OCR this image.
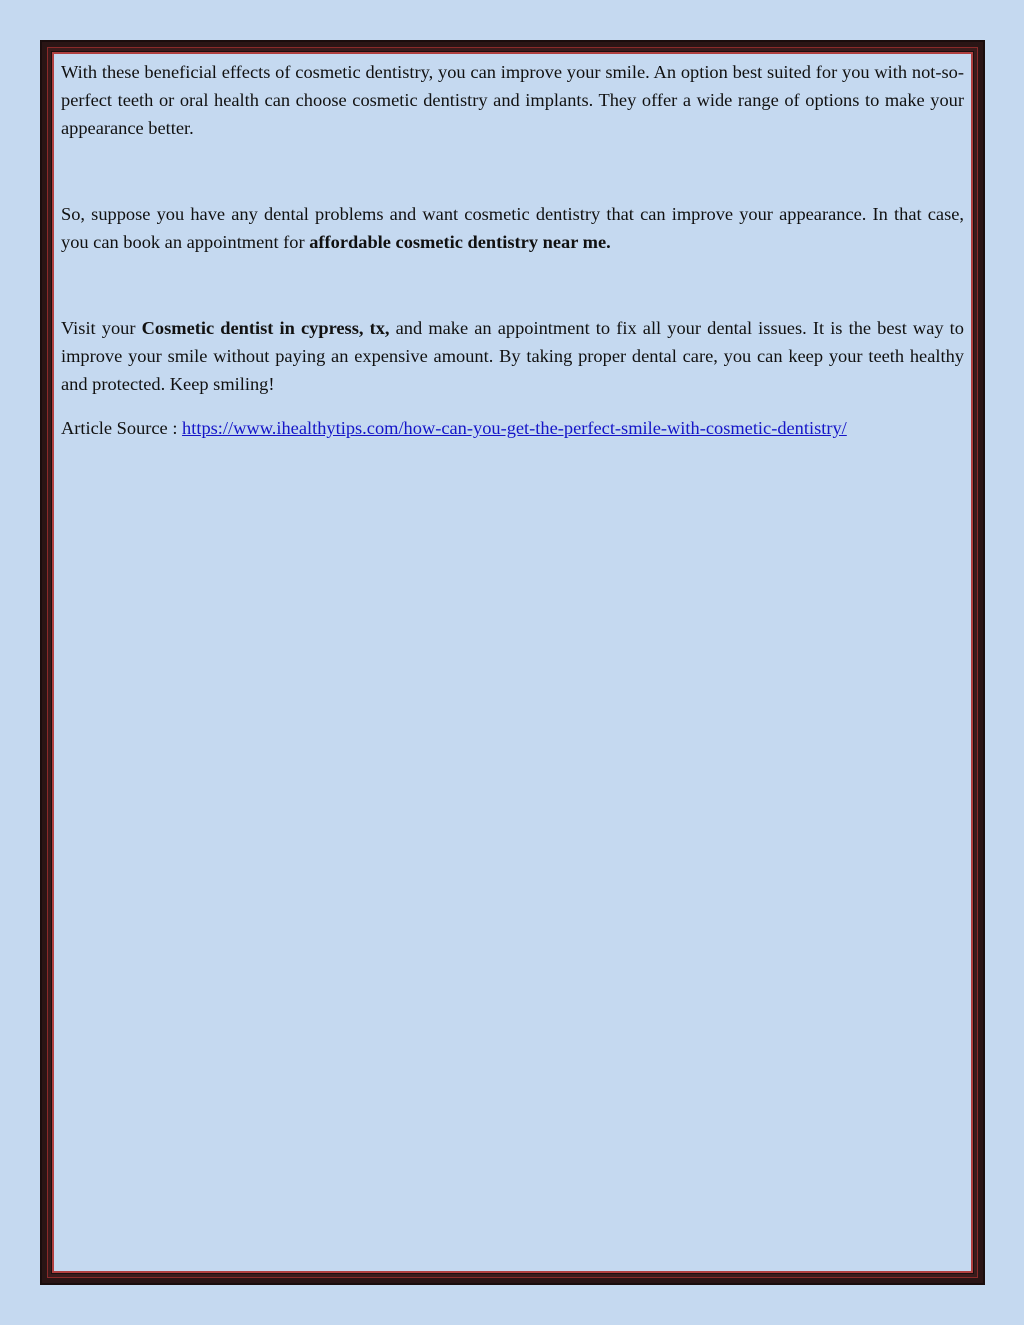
With these beneficial effects of cosmetic dentistry, you can improve your smile. An option best suited for you with not-so-perfect teeth or oral health can choose cosmetic dentistry and implants. They offer a wide range of options to make your appearance better.

So, suppose you have any dental problems and want cosmetic dentistry that can improve your appearance. In that case, you can book an appointment for affordable cosmetic dentistry near me.

Visit your Cosmetic dentist in cypress, tx, and make an appointment to fix all your dental issues. It is the best way to improve your smile without paying an expensive amount. By taking proper dental care, you can keep your teeth healthy and protected. Keep smiling!

Article Source : https://www.ihealthytips.com/how-can-you-get-the-perfect-smile-with-cosmetic-dentistry/
